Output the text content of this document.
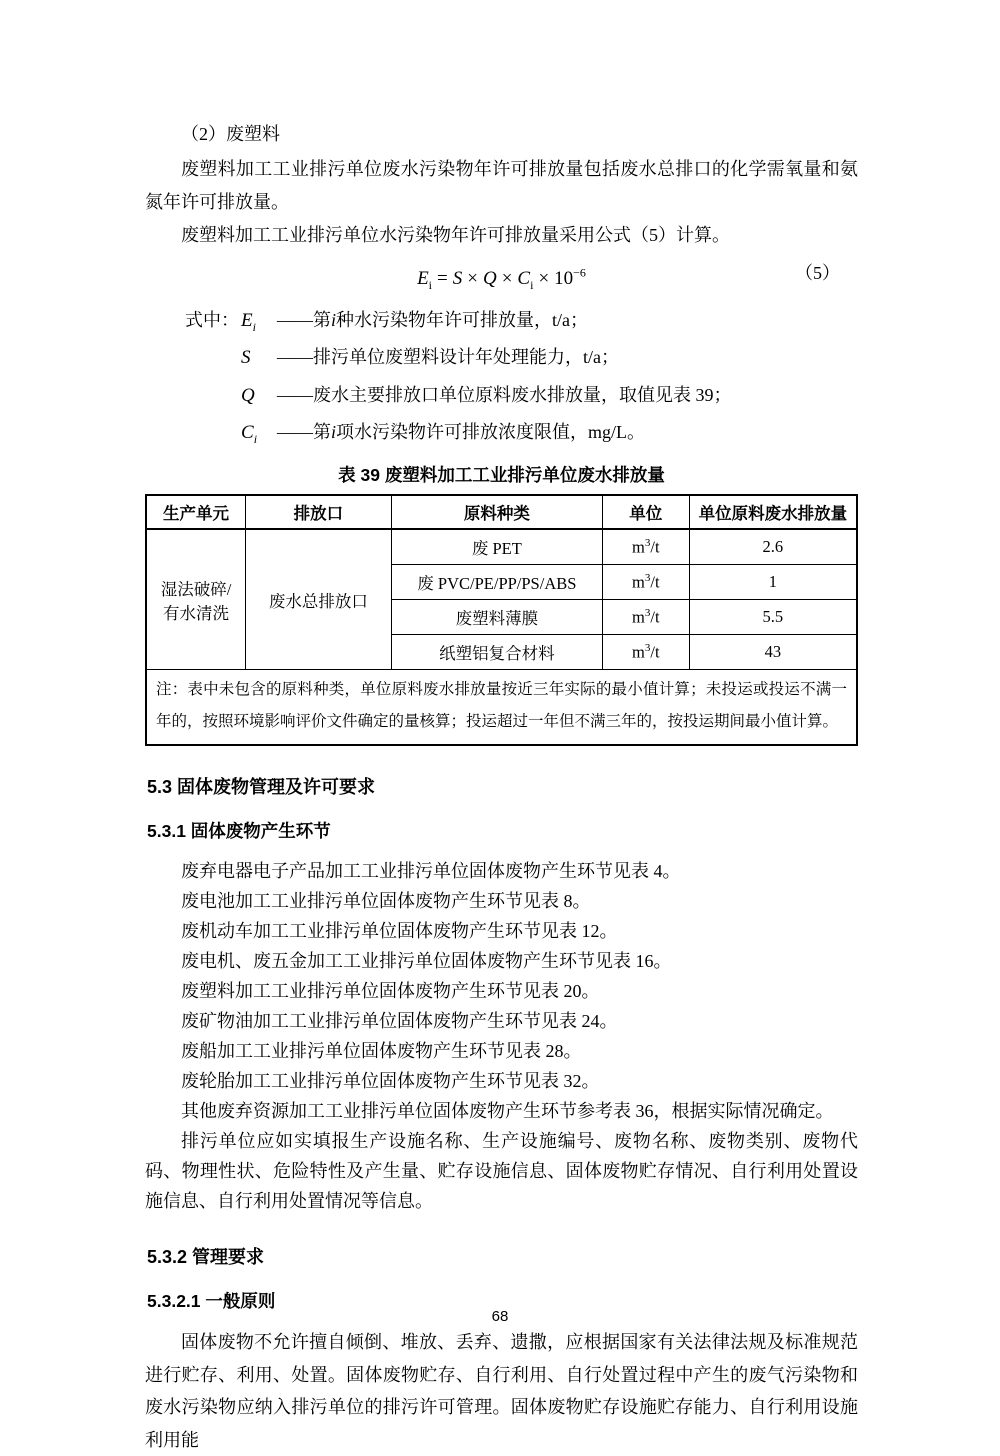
（2）废塑料

废塑料加工工业排污单位废水污染物年许可排放量包括废水总排口的化学需氧量和氨氮年许可排放量。

废塑料加工工业排污单位水污染物年许可排放量采用公式（5）计算。

$E_i = S \times Q \times C_i \times 10^{-6}$	（5）
式中： $E_i$ ——第i种水污染物年许可排放量，t/a；
S ——排污单位废塑料设计年处理能力，t/a；
Q ——废水主要排放口单位原料废水排放量，取值见表 39；
$C_i$ ——第i项水污染物许可排放浓度限值，mg/L。

表 39 废塑料加工工业排污单位废水排放量

生产单元	排放口	原料种类	单位	单位原料废水排放量
湿法破碎/有水清洗	废水总排放口	废 PET	$m^3/t$	2.6
		废 PVC/PE/PP/PS/ABS	$m^3/t$	1
		废塑料薄膜	$m^3/t$	5.5
		纸塑铝复合材料	$m^3/t$	43
注：表中未包含的原料种类，单位原料废水排放量按近三年实际的最小值计算；未投运或投运不满一年的，按照环境影响评价文件确定的量核算；投运超过一年但不满三年的，按投运期间最小值计算。				
5.3 固体废物管理及许可要求
5.3.1 固体废物产生环节

废弃电器电子产品加工工业排污单位固体废物产生环节见表 4。

废电池加工工业排污单位固体废物产生环节见表 8。

废机动车加工工业排污单位固体废物产生环节见表 12。

废电机、废五金加工工业排污单位固体废物产生环节见表 16。

废塑料加工工业排污单位固体废物产生环节见表 20。

废矿物油加工工业排污单位固体废物产生环节见表 24。

废船加工工业排污单位固体废物产生环节见表 28。

废轮胎加工工业排污单位固体废物产生环节见表 32。

其他废弃资源加工工业排污单位固体废物产生环节参考表 36，根据实际情况确定。

排污单位应如实填报生产设施名称、生产设施编号、废物名称、废物类别、废物代码、物理性状、危险特性及产生量、贮存设施信息、固体废物贮存情况、自行利用处置设施信息、自行利用处置情况等信息。

5.3.2 管理要求
5.3.2.1 一般原则

固体废物不允许擅自倾倒、堆放、丢弃、遗撒，应根据国家有关法律法规及标准规范进行贮存、利用、处置。固体废物贮存、自行利用、自行处置过程中产生的废气污染物和废水污染物应纳入排污单位的排污许可管理。固体废物贮存设施贮存能力、自行利用设施利用能

68
